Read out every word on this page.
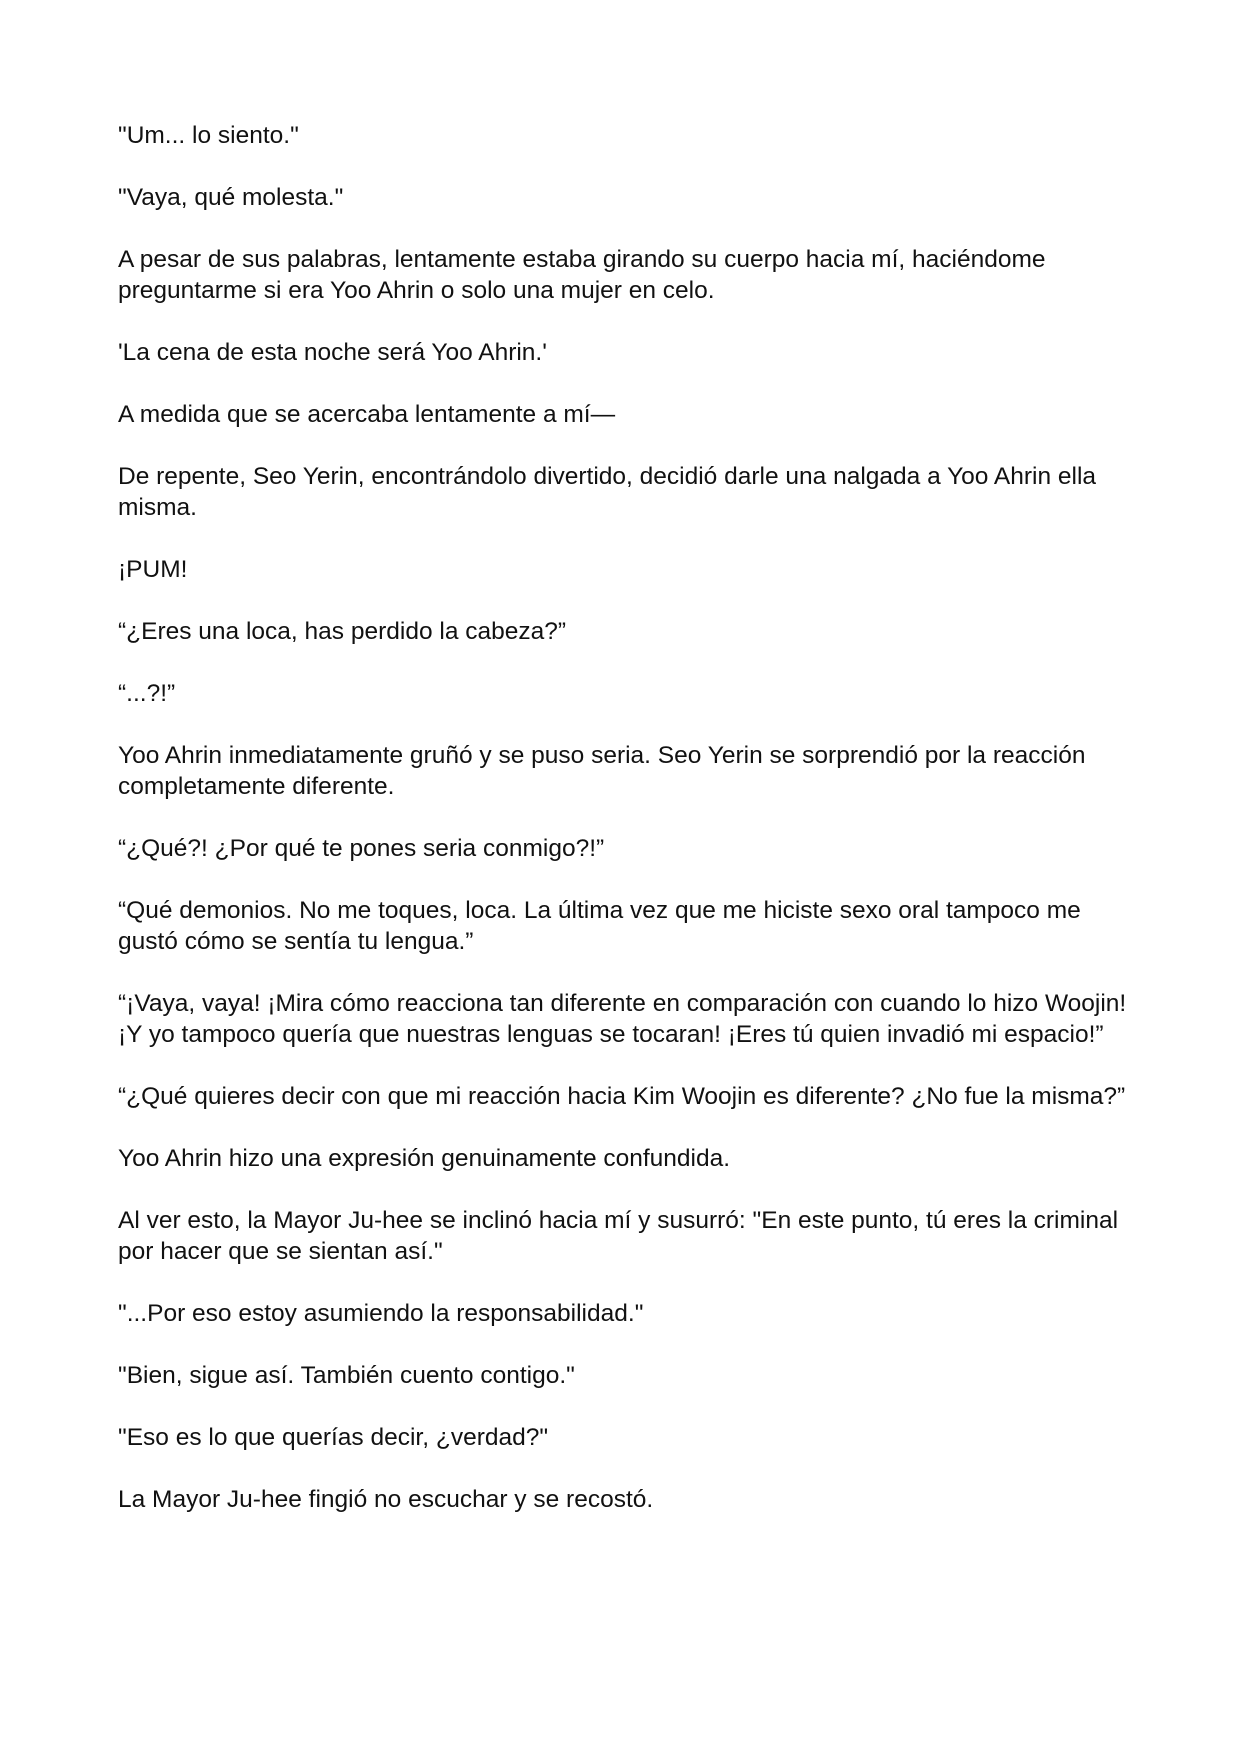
"Um... lo siento."

"Vaya, qué molesta."

A pesar de sus palabras, lentamente estaba girando su cuerpo hacia mí, haciéndome preguntarme si era Yoo Ahrin o solo una mujer en celo.

'La cena de esta noche será Yoo Ahrin.'

A medida que se acercaba lentamente a mí—

De repente, Seo Yerin, encontrándolo divertido, decidió darle una nalgada a Yoo Ahrin ella misma.

¡PUM!

“¿Eres una loca, has perdido la cabeza?”

“...?!”

Yoo Ahrin inmediatamente gruñó y se puso seria. Seo Yerin se sorprendió por la reacción completamente diferente.

“¿Qué?! ¿Por qué te pones seria conmigo?!”

“Qué demonios. No me toques, loca. La última vez que me hiciste sexo oral tampoco me gustó cómo se sentía tu lengua.”

“¡Vaya, vaya! ¡Mira cómo reacciona tan diferente en comparación con cuando lo hizo Woojin! ¡Y yo tampoco quería que nuestras lenguas se tocaran! ¡Eres tú quien invadió mi espacio!”

“¿Qué quieres decir con que mi reacción hacia Kim Woojin es diferente? ¿No fue la misma?”

Yoo Ahrin hizo una expresión genuinamente confundida.

Al ver esto, la Mayor Ju-hee se inclinó hacia mí y susurró: "En este punto, tú eres la criminal por hacer que se sientan así."

"...Por eso estoy asumiendo la responsabilidad."

"Bien, sigue así. También cuento contigo."

"Eso es lo que querías decir, ¿verdad?"

La Mayor Ju-hee fingió no escuchar y se recostó.
